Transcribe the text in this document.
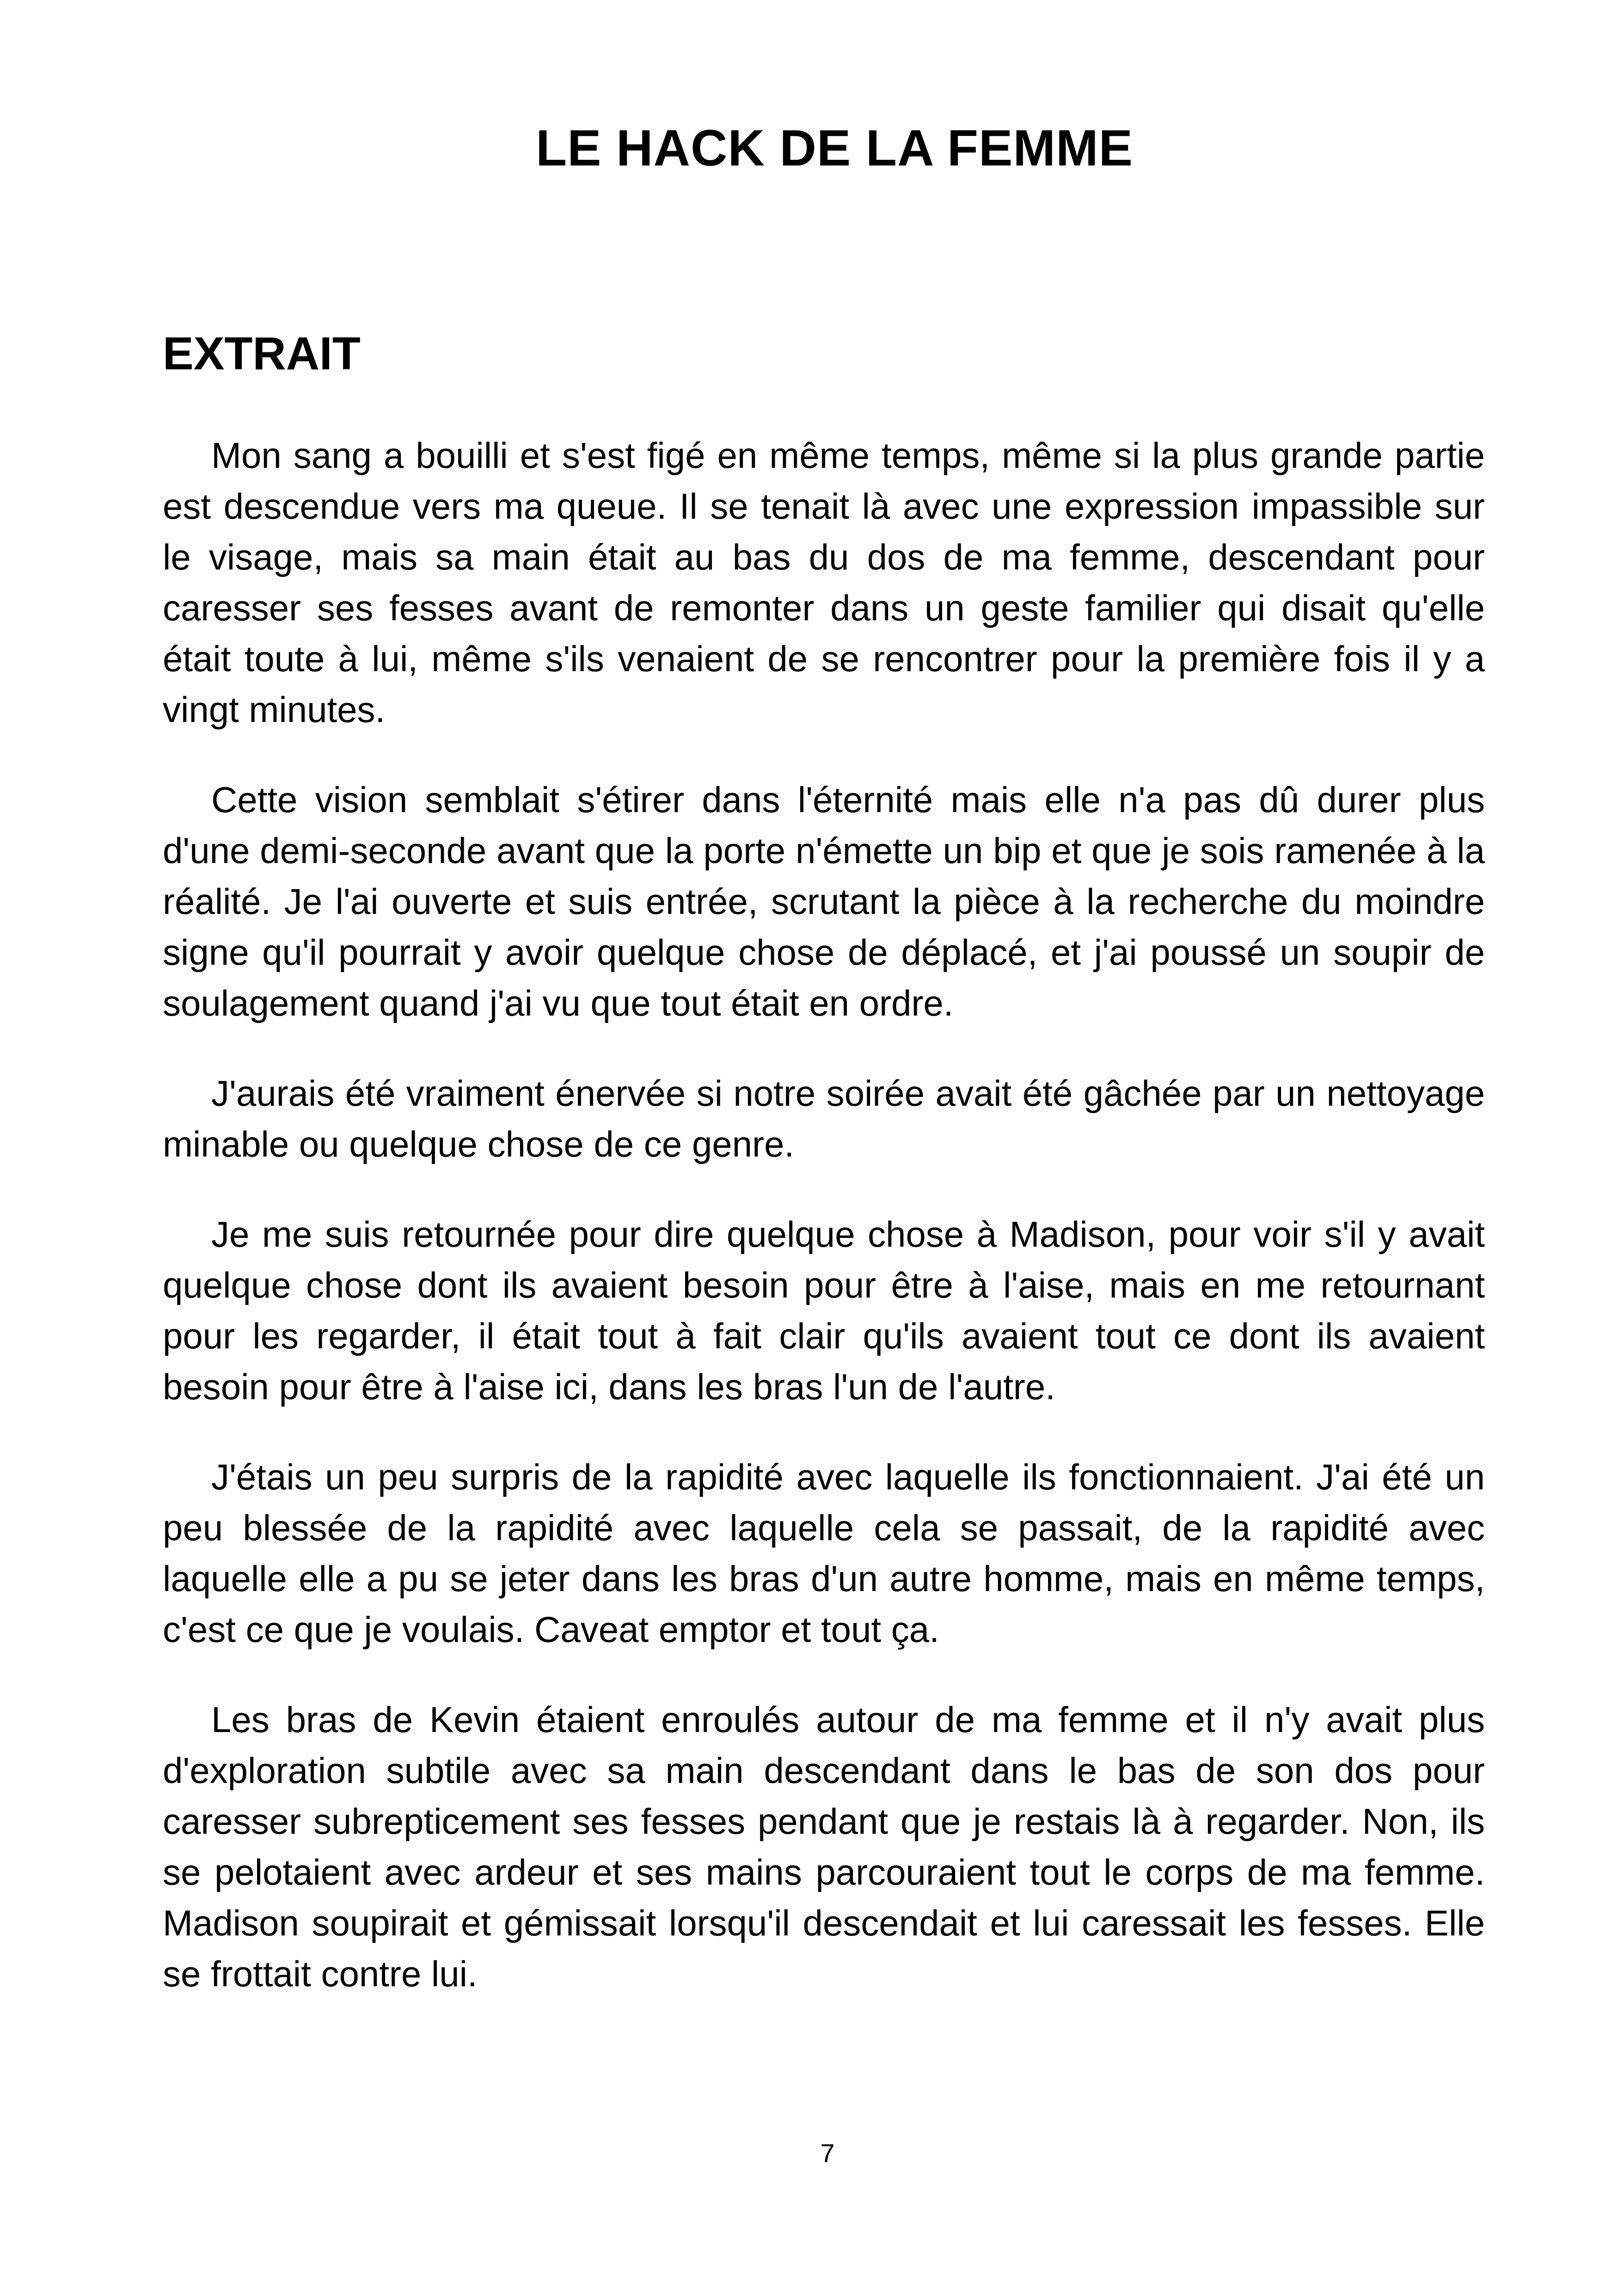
LE HACK DE LA FEMME
EXTRAIT

Mon sang a bouilli et s'est figé en même temps, même si la plus grande partie est descendue vers ma queue. Il se tenait là avec une expression impassible sur le visage, mais sa main était au bas du dos de ma femme, descendant pour caresser ses fesses avant de remonter dans un geste familier qui disait qu'elle était toute à lui, même s'ils venaient de se rencontrer pour la première fois il y a vingt minutes.

Cette vision semblait s'étirer dans l'éternité mais elle n'a pas dû durer plus d'une demi-seconde avant que la porte n'émette un bip et que je sois ramenée à la réalité. Je l'ai ouverte et suis entrée, scrutant la pièce à la recherche du moindre signe qu'il pourrait y avoir quelque chose de déplacé, et j'ai poussé un soupir de soulagement quand j'ai vu que tout était en ordre.

J'aurais été vraiment énervée si notre soirée avait été gâchée par un nettoyage minable ou quelque chose de ce genre.

Je me suis retournée pour dire quelque chose à Madison, pour voir s'il y avait quelque chose dont ils avaient besoin pour être à l'aise, mais en me retournant pour les regarder, il était tout à fait clair qu'ils avaient tout ce dont ils avaient besoin pour être à l'aise ici, dans les bras l'un de l'autre.

J'étais un peu surpris de la rapidité avec laquelle ils fonctionnaient. J'ai été un peu blessée de la rapidité avec laquelle cela se passait, de la rapidité avec laquelle elle a pu se jeter dans les bras d'un autre homme, mais en même temps, c'est ce que je voulais. Caveat emptor et tout ça.

Les bras de Kevin étaient enroulés autour de ma femme et il n'y avait plus d'exploration subtile avec sa main descendant dans le bas de son dos pour caresser subrepticement ses fesses pendant que je restais là à regarder. Non, ils se pelotaient avec ardeur et ses mains parcouraient tout le corps de ma femme. Madison soupirait et gémissait lorsqu'il descendait et lui caressait les fesses. Elle se frottait contre lui.

7
